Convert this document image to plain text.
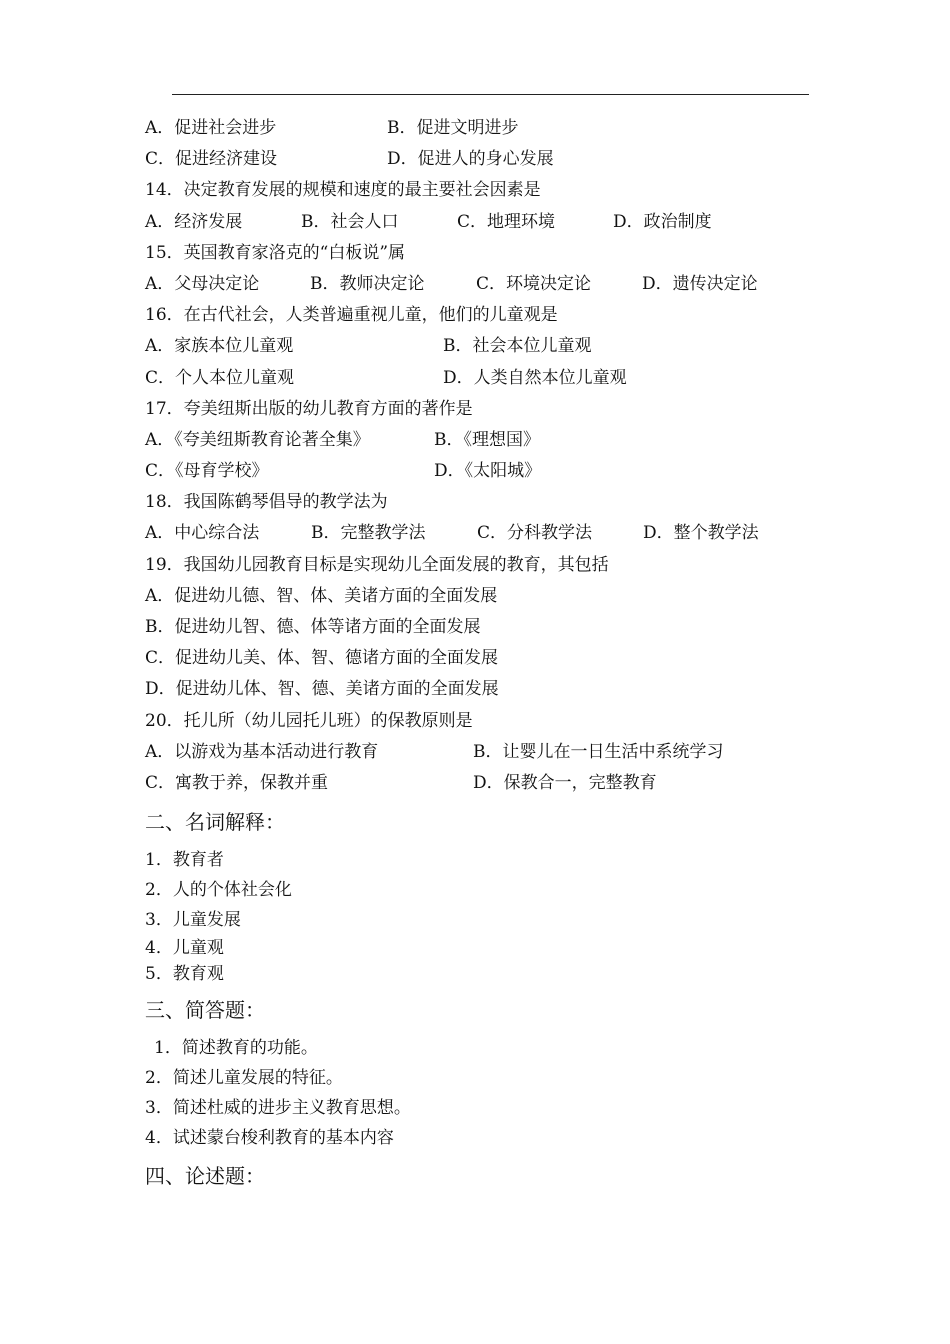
A．促进社会进步	B．促进文明进步
C．促进经济建设	D．促进人的身心发展
14．决定教育发展的规模和速度的最主要社会因素是
A．经济发展	B．社会人口	C．地理环境	D．政治制度
15．英国教育家洛克的“白板说”属
A．父母决定论	B．教师决定论	C．环境决定论	D．遗传决定论
16．在古代社会，人类普遍重视儿童，他们的儿童观是
A．家族本位儿童观	B．社会本位儿童观
C．个人本位儿童观	D．人类自然本位儿童观
17．夸美纽斯出版的幼儿教育方面的著作是
A．《夸美纽斯教育论著全集》	B．《理想国》
C．《母育学校》	D．《太阳城》
18．我国陈鹤琴倡导的教学法为
A．中心综合法	B．完整教学法	C．分科教学法	D．整个教学法
19．我国幼儿园教育目标是实现幼儿全面发展的教育，其包括
A．促进幼儿德、智、体、美诸方面的全面发展
B．促进幼儿智、德、体等诸方面的全面发展
C．促进幼儿美、体、智、德诸方面的全面发展
D．促进幼儿体、智、德、美诸方面的全面发展
20．托儿所（幼儿园托儿班）的保教原则是
A．以游戏为基本活动进行教育	B．让婴儿在一日生活中系统学习
C．寓教于养，保教并重	D．保教合一，完整教育
二、名词解释：
1．教育者
2．人的个体社会化
3．儿童发展
4．儿童观
5．教育观
三、简答题：
1．简述教育的功能。
2．简述儿童发展的特征。
3．简述杜威的进步主义教育思想。
4．试述蒙台梭利教育的基本内容
四、论述题：
